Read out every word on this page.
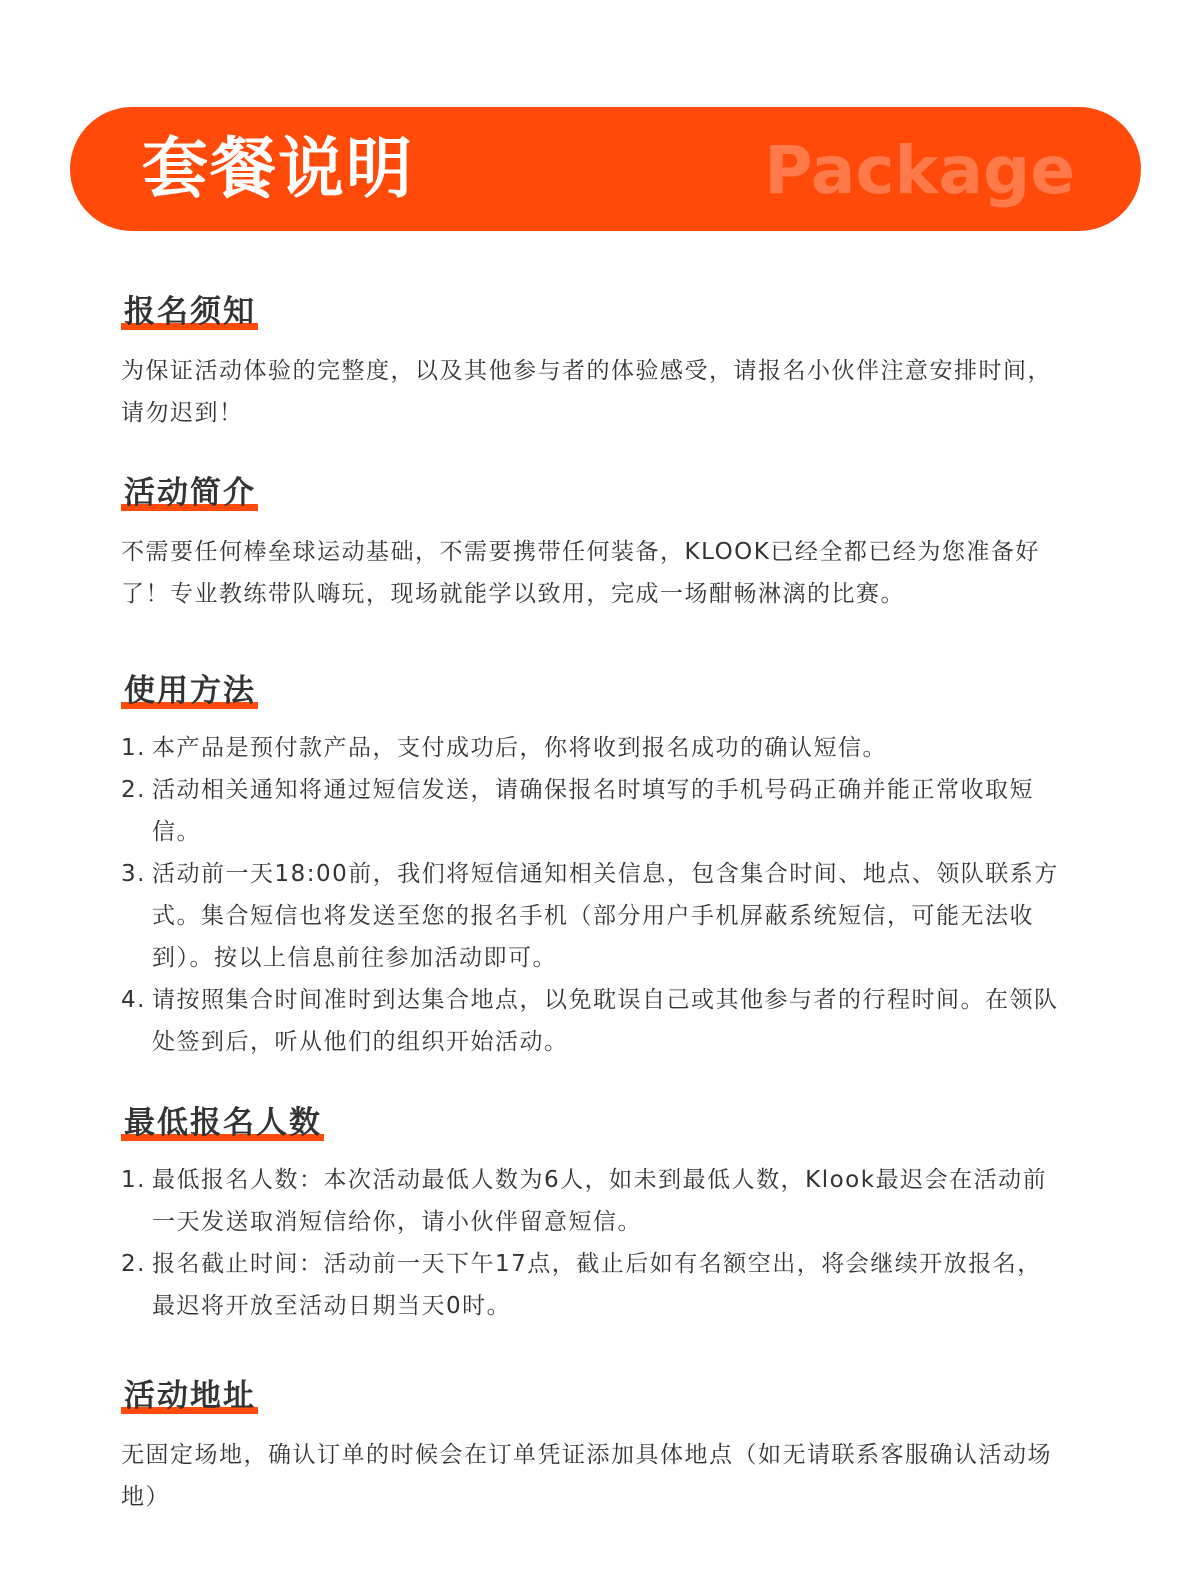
套餐说明	Package
报名须知

为保证活动体验的完整度，以及其他参与者的体验感受，请报名小伙伴注意安排时间，请勿迟到！

活动简介

不需要任何棒垒球运动基础，不需要携带任何装备，KLOOK已经全都已经为您准备好了！专业教练带队嗨玩，现场就能学以致用，完成一场酣畅淋漓的比赛。

使用方法
1. 本产品是预付款产品，支付成功后，你将收到报名成功的确认短信。
2. 活动相关通知将通过短信发送，请确保报名时填写的手机号码正确并能正常收取短信。
3. 活动前一天18:00前，我们将短信通知相关信息，包含集合时间、地点、领队联系方式。集合短信也将发送至您的报名手机（部分用户手机屏蔽系统短信，可能无法收到）。按以上信息前往参加活动即可。
4. 请按照集合时间准时到达集合地点，以免耽误自己或其他参与者的行程时间。在领队处签到后，听从他们的组织开始活动。
最低报名人数
1. 最低报名人数：本次活动最低人数为6人，如未到最低人数，Klook最迟会在活动前一天发送取消短信给你，请小伙伴留意短信。
2. 报名截止时间：活动前一天下午17点，截止后如有名额空出，将会继续开放报名，最迟将开放至活动日期当天0时。
活动地址

无固定场地，确认订单的时候会在订单凭证添加具体地点（如无请联系客服确认活动场地）
